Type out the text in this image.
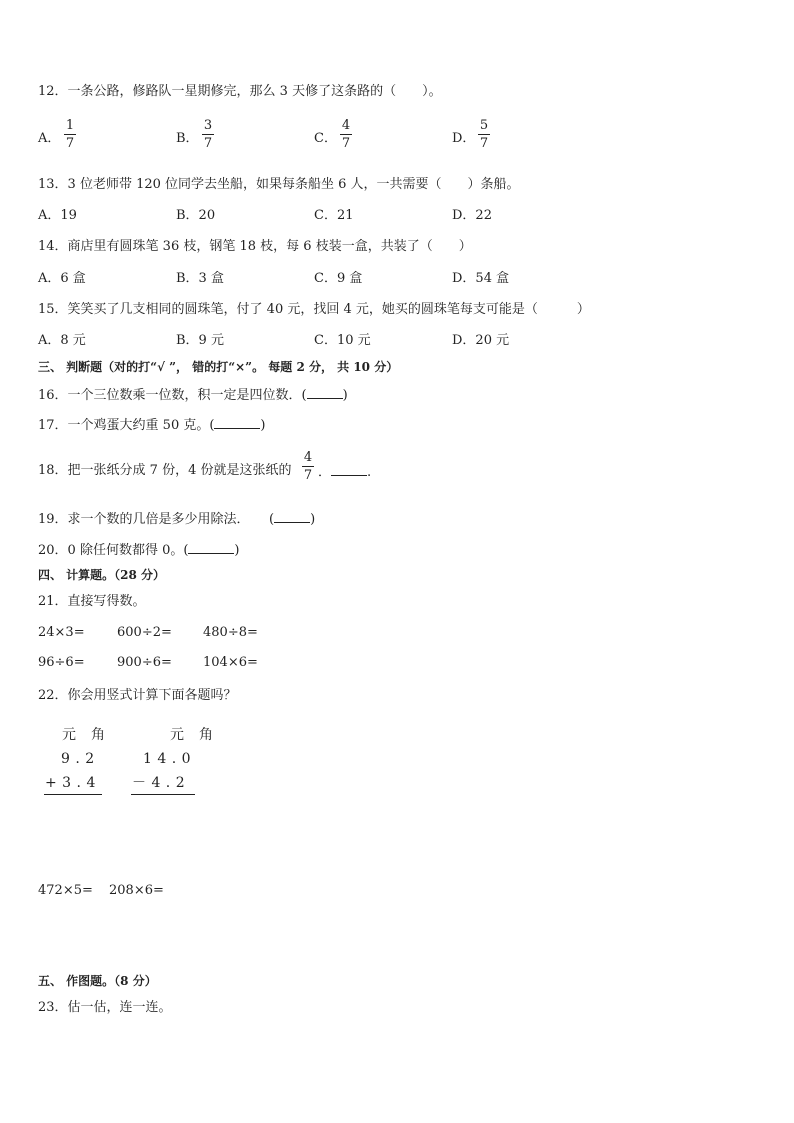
12．一条公路，修路队一星期修完，那么 3 天修了这条路的（　　）。
A．
1
7	B．
3
7	C．
4
7	D．
5
7
13．3 位老师带 120 位同学去坐船，如果每条船坐 6 人，一共需要（　　）条船。
A．19	B．20	C．21	D．22
14．商店里有圆珠笔 36 枝，钢笔 18 枝，每 6 枝装一盒，共装了（　　）
A．6 盒	B．3 盒	C．9 盒	D．54 盒
15．笑笑买了几支相同的圆珠笔，付了 40 元，找回 4 元，她买的圆珠笔每支可能是（　　　）
A．8 元	B．9 元	C．10 元	D．20 元
三、 判断题（对的打“√ ”， 错的打“×”。 每题 2 分， 共 10 分）
16．一个三位数乘一位数，积一定是四位数．(	)
17．一个鸡蛋大约重 50 克。(	)
18．把一张纸分成 7 份，4 份就是这张纸的
4
7 ．	.
19．求一个数的几倍是多少用除法．　　(	)
20．0 除任何数都得 0。(	)
四、 计算题。（28 分）
21．直接写得数。
24×3= 600÷2= 480÷8=
96÷6= 900÷6= 104×6=
22．你会用竖式计算下面各题吗？
元　角
9 . 2
+ 3 . 4
元　角
1 4 . 0
－ 4 . 2
472×5= 208×6=
五、 作图题。（8 分）
23．估一估，连一连。
